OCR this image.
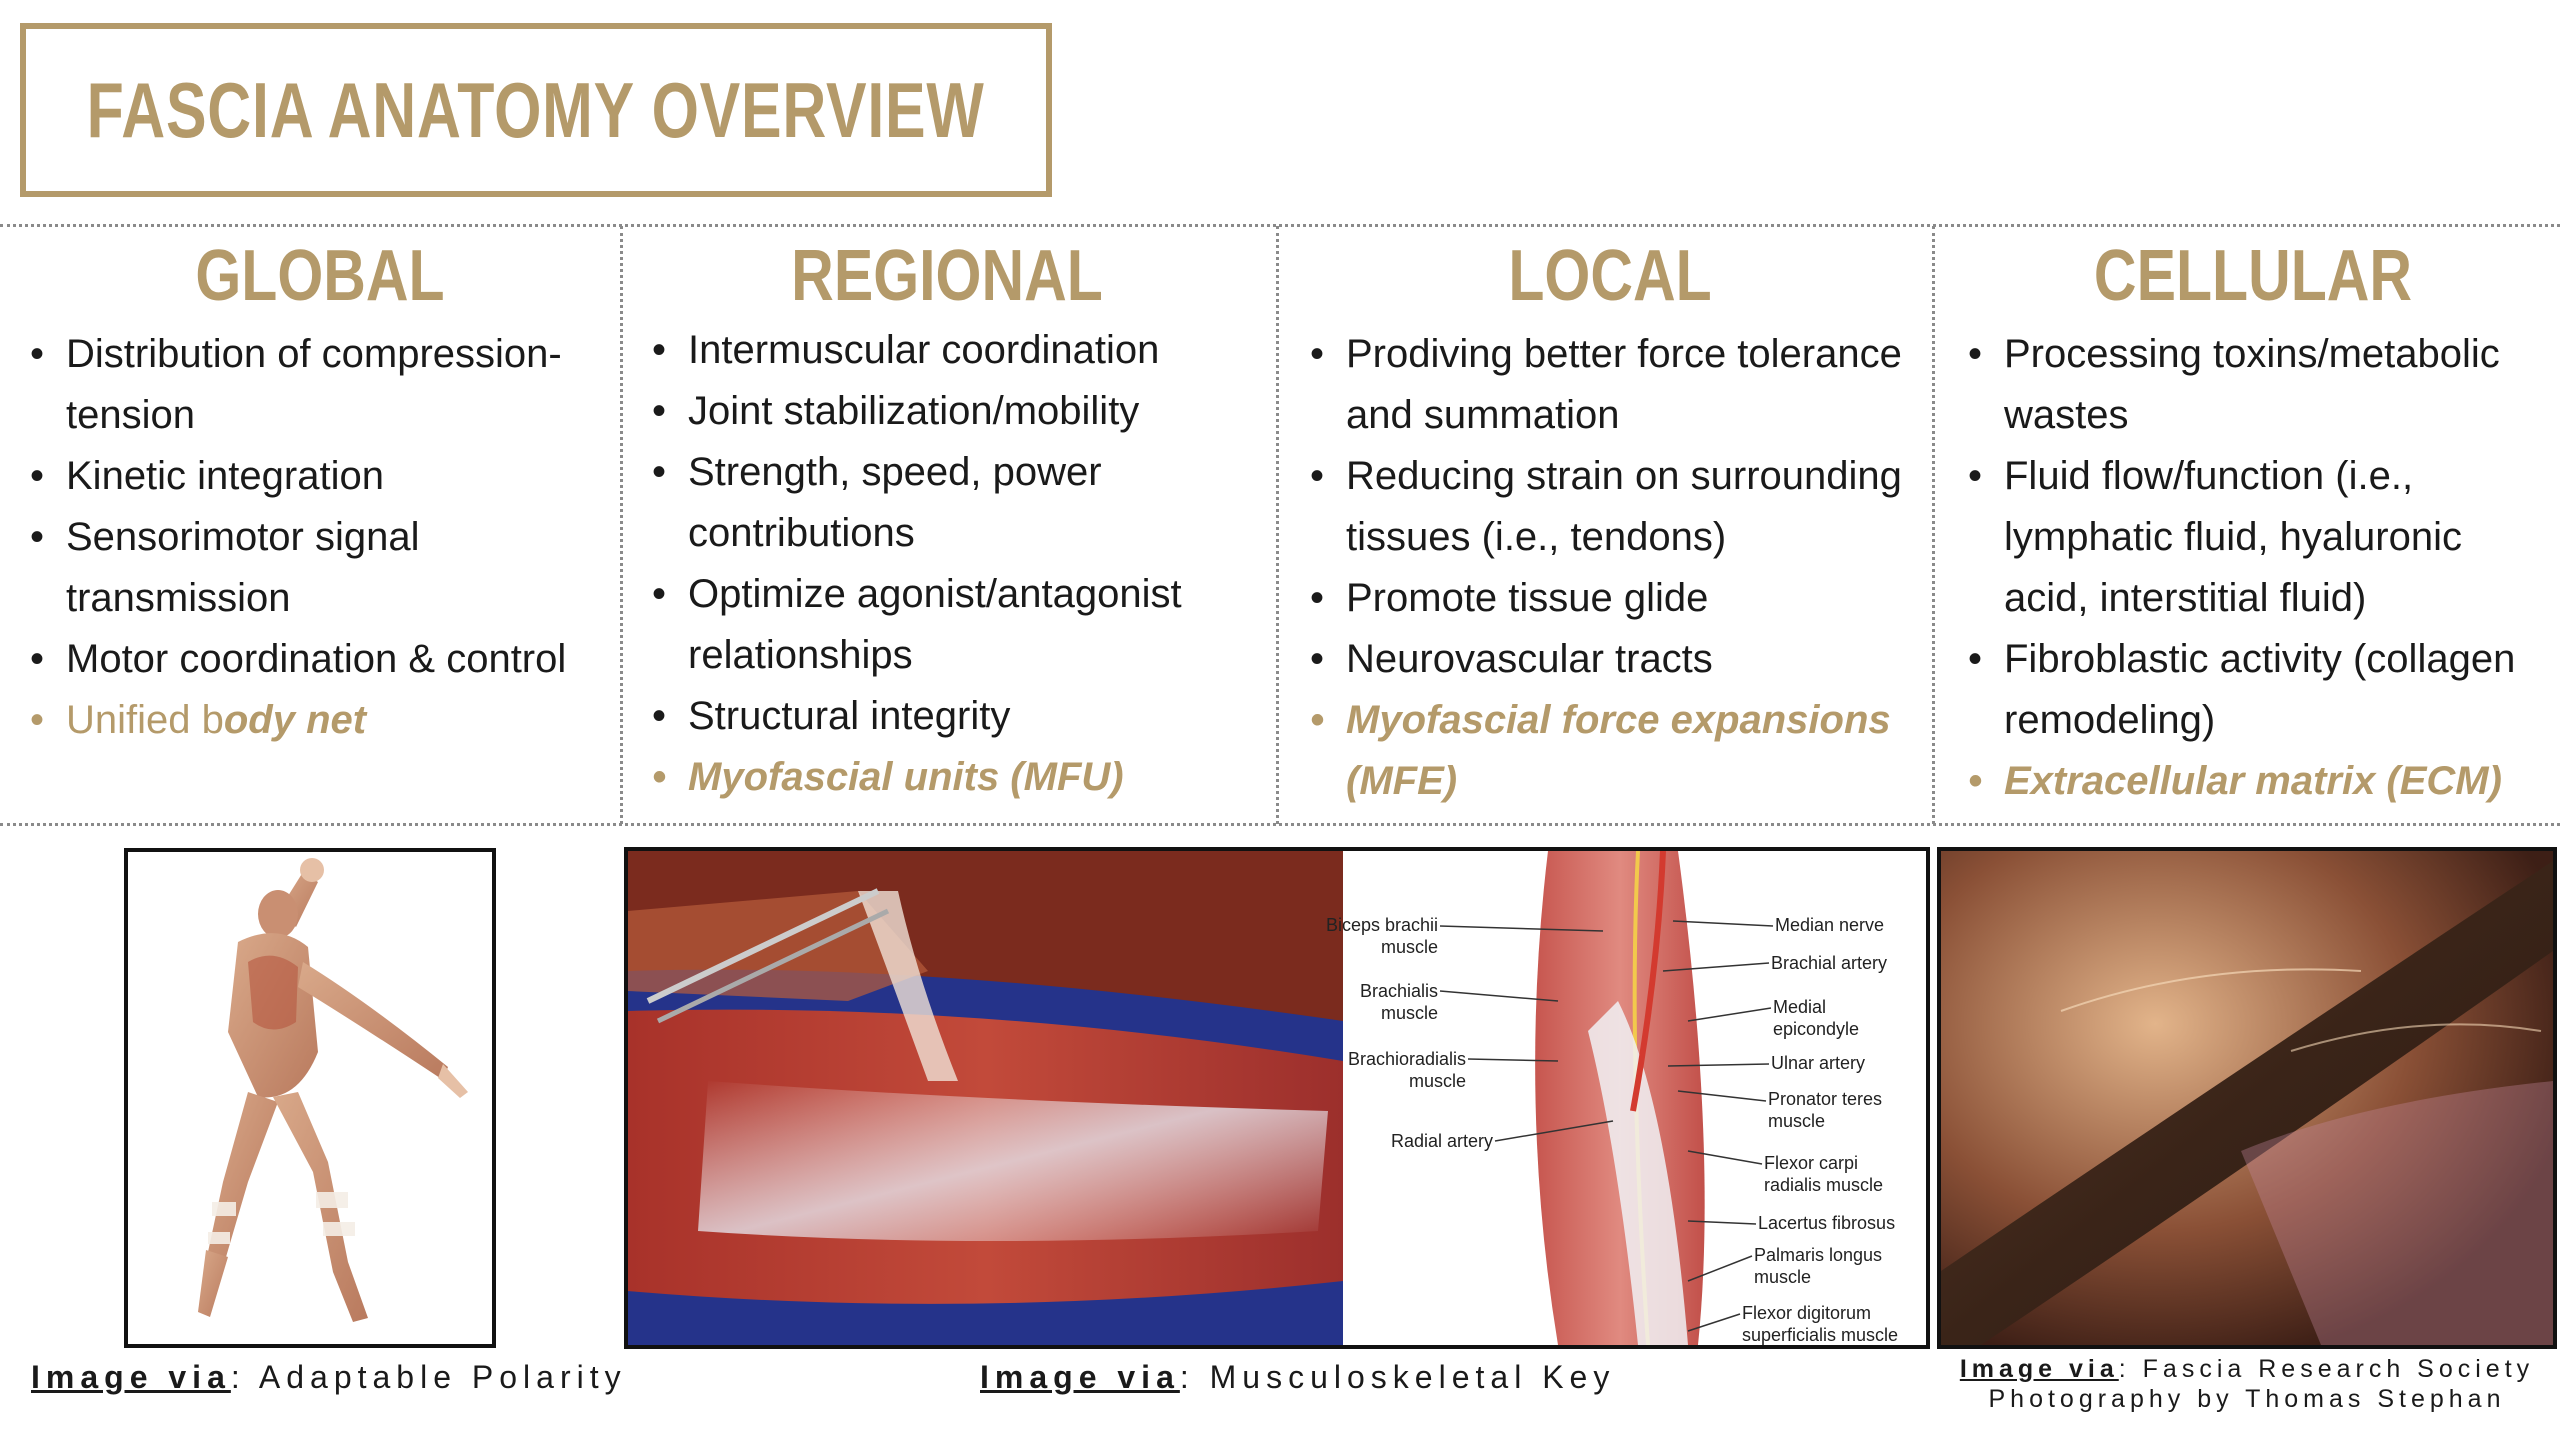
FASCIA ANATOMY OVERVIEW
GLOBAL
• Distribution of compression-tension
• Kinetic integration
• Sensorimotor signal transmission
• Motor coordination & control
• Unified body net
REGIONAL
• Intermuscular coordination
• Joint stabilization/mobility
• Strength, speed, power contributions
• Optimize agonist/antagonist relationships
• Structural integrity
• Myofascial units (MFU)
LOCAL
• Prodiving better force tolerance and summation
• Reducing strain on surrounding tissues (i.e., tendons)
• Promote tissue glide
• Neurovascular tracts
• Myofascial force expansions (MFE)
CELLULAR
• Processing toxins/metabolic wastes
• Fluid flow/function (i.e., lymphatic fluid, hyaluronic acid, interstitial fluid)
• Fibroblastic activity (collagen remodeling)
• Extracellular matrix (ECM)
Image via: Adaptable Polarity
Biceps brachii
muscle
Brachialis
muscle
Brachioradialis
muscle
Radial artery
Median nerve
Brachial artery
Medial
epicondyle
Ulnar artery
Pronator teres
muscle
Flexor carpi
radialis muscle
Lacertus fibrosus
Palmaris longus
muscle
Flexor digitorum
superficialis muscle
Image via: Musculoskeletal Key	Image via: Fascia Research Society
Photography by Thomas Stephan
